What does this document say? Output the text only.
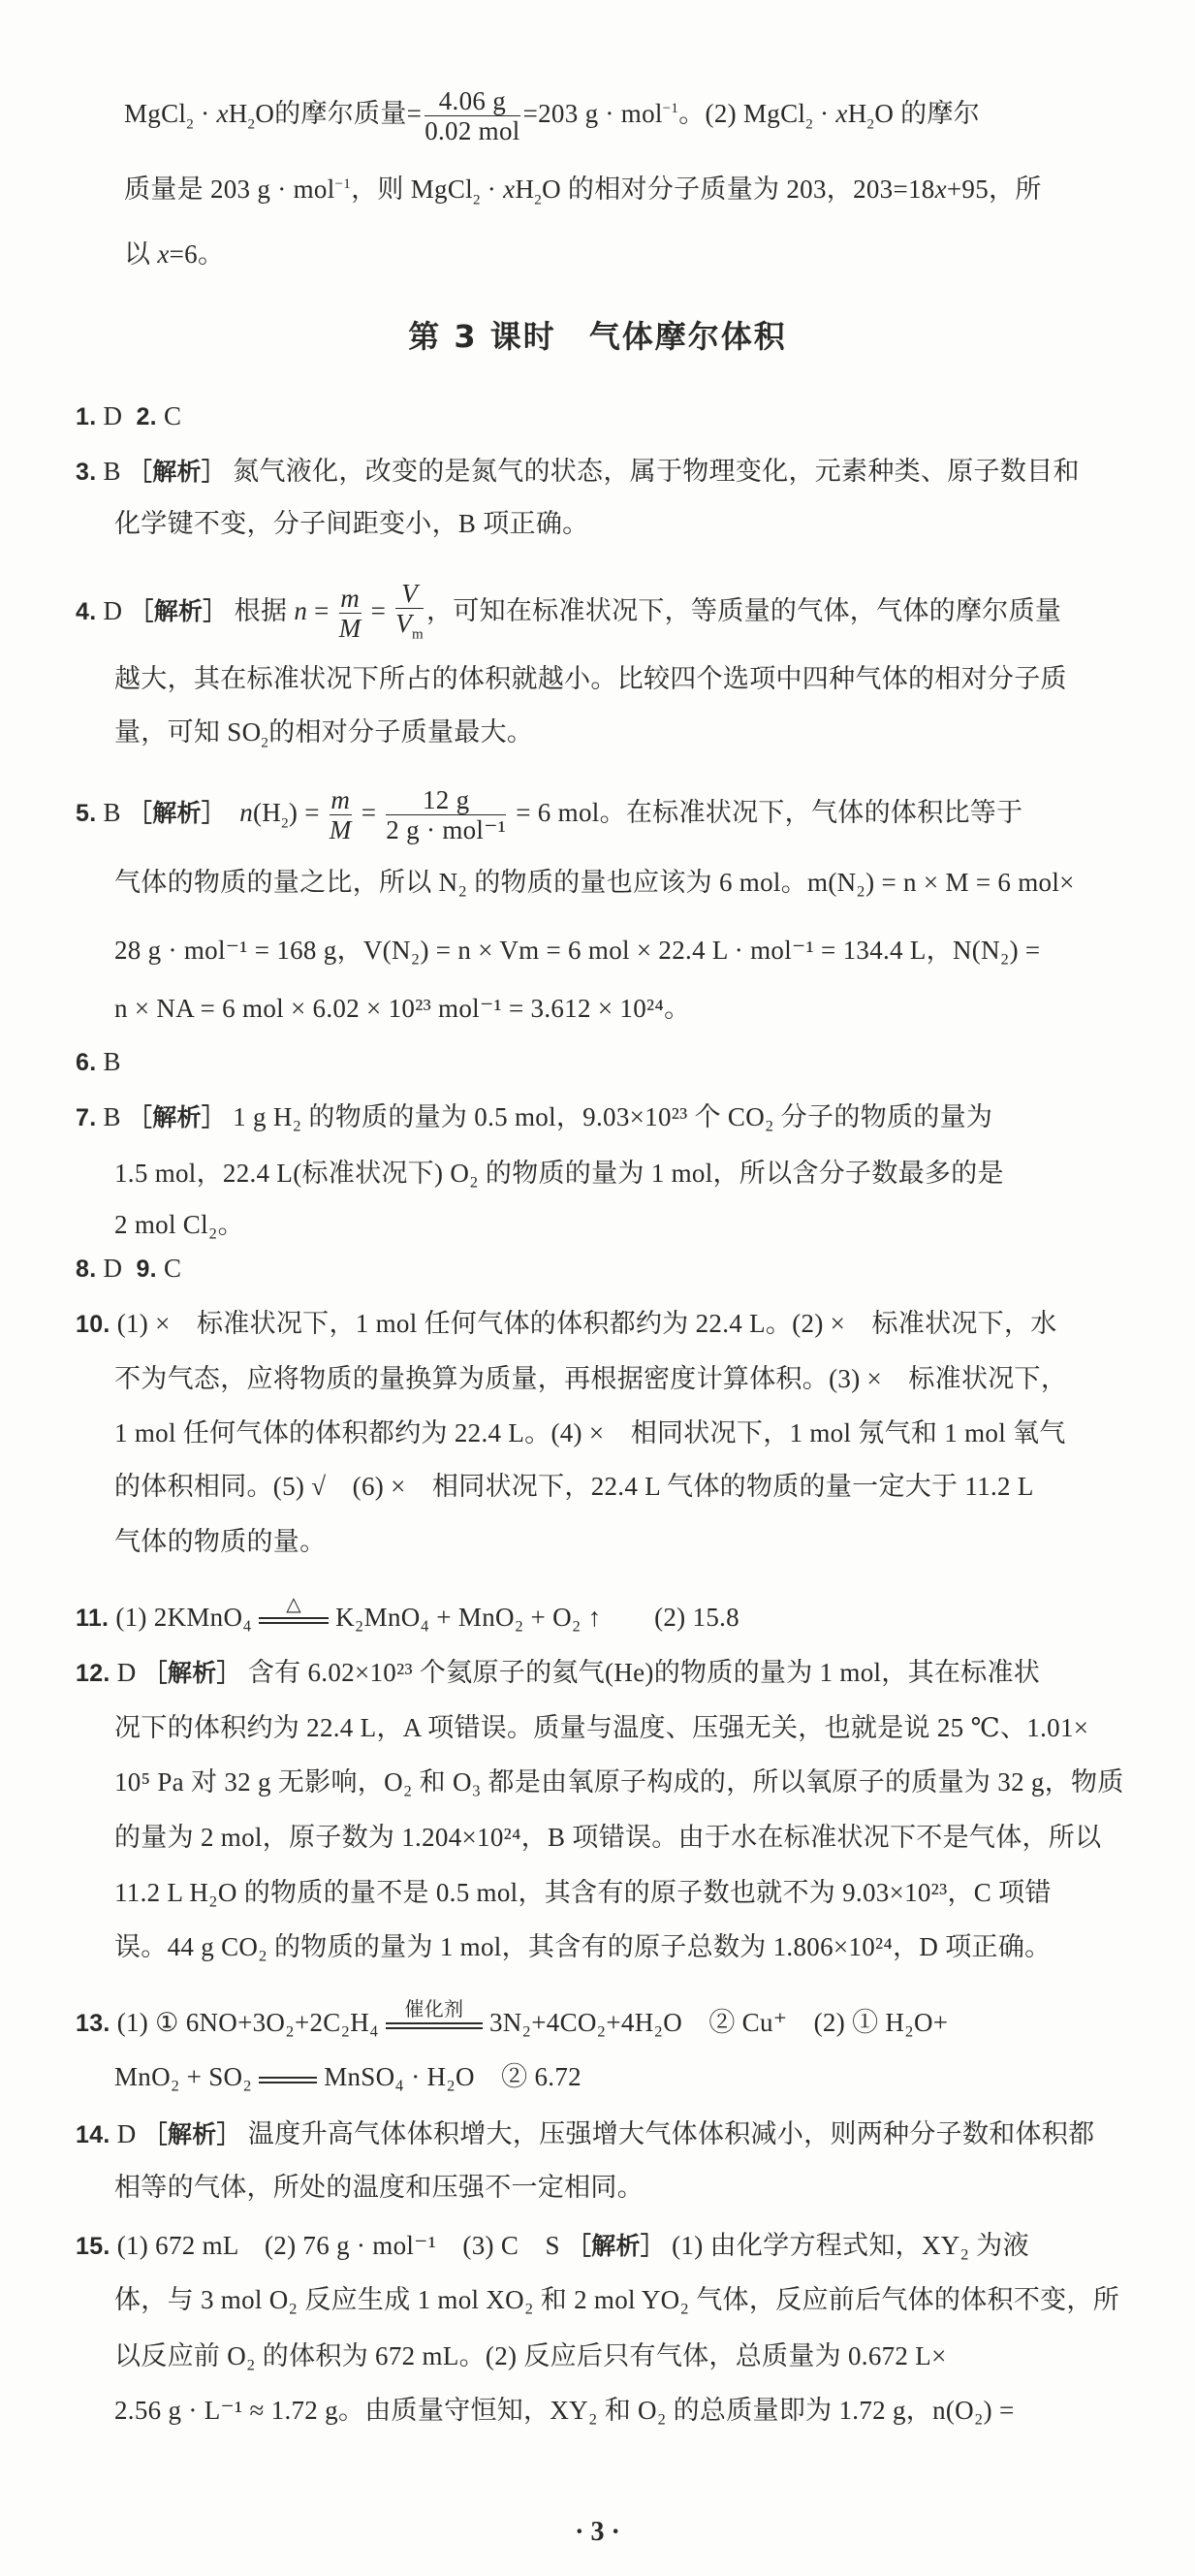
MgCl$_2$ · $xH_2O$的摩尔质量= $\frac{4.06 g}{\text{0.02 mol}} =203$ g · mol$^{-1}$。(2) MgCl$_2$ · $xH_2O$ 的摩尔
质量是 203 g · mol$^{-1}$，则 MgCl$_2$ · $xH_2O$ 的相对分子质量为 203，203=18x+95，所
以 x=6。
第 3 课时　气体摩尔体积
1. D 2. C
3. B ［解析］ 氮气液化，改变的是氮气的状态，属于物理变化，元素种类、原子数目和
化学键不变，分子间距变小，B 项正确。
4. D ［解析］ 根据 $n = \frac{m}{M} = \frac{V}{V_m}$ ，可知在标准状况下，等质量的气体，气体的摩尔质量
越大，其在标准状况下所占的体积就越小。比较四个选项中四种气体的相对分子质
量，可知 $SO_2$的相对分子质量最大。
5. B ［解析］ $n(H_2) = \frac{m}{M} = \frac{12 g}{\text{2 g · mol⁻¹}} = 6$ mol。在标准状况下，气体的体积比等于
气体的物质的量之比，所以 N₂ 的物质的量也应该为 6 mol。m(N₂) = n × M = 6 mol×
28 g · mol⁻¹ = 168 g，V(N₂) = n × Vm = 6 mol × 22.4 L · mol⁻¹ = 134.4 L，N(N₂) =
n × NA = 6 mol × 6.02 × 10²³ mol⁻¹ = 3.612 × 10²⁴。
6. B
7. B ［解析］ 1 g H₂ 的物质的量为 0.5 mol，9.03×10²³ 个 CO₂ 分子的物质的量为
1.5 mol，22.4 L(标准状况下) O₂ 的物质的量为 1 mol，所以含分子数最多的是
2 mol Cl₂。
8. D 9. C
10. (1) ×　标准状况下，1 mol 任何气体的体积都约为 22.4 L。(2) ×　标准状况下，水
不为气态，应将物质的量换算为质量，再根据密度计算体积。(3) ×　标准状况下，
1 mol 任何气体的体积都约为 22.4 L。(4) ×　相同状况下，1 mol 氖气和 1 mol 氧气
的体积相同。(5) √　(6) ×　相同状况下，22.4 L 气体的物质的量一定大于 11.2 L
气体的物质的量。
11. (1) 2KMnO₄	△	K₂MnO₄ + MnO₂ + O₂ ↑　　(2) 15.8
12. D ［解析］ 含有 6.02×10²³ 个氦原子的氦气(He)的物质的量为 1 mol，其在标准状
况下的体积约为 22.4 L，A 项错误。质量与温度、压强无关，也就是说 25 ℃、1.01×
10⁵ Pa 对 32 g 无影响，O₂ 和 O₃ 都是由氧原子构成的，所以氧原子的质量为 32 g，物质
的量为 2 mol，原子数为 1.204×10²⁴，B 项错误。由于水在标准状况下不是气体，所以
11.2 L H₂O 的物质的量不是 0.5 mol，其含有的原子数也就不为 9.03×10²³，C 项错
误。44 g CO₂ 的物质的量为 1 mol，其含有的原子总数为 1.806×10²⁴，D 项正确。
13. (1) ① 6NO+3O₂+2C₂H₄	催化剂 3N₂+4CO₂+4H₂O　② Cu⁺　(2) ① H₂O+
MnO₂ + SO₂	MnSO₄ · H₂O　② 6.72
14. D ［解析］ 温度升高气体体积增大，压强增大气体体积减小，则两种分子数和体积都
相等的气体，所处的温度和压强不一定相同。
15. (1) 672 mL　(2) 76 g · mol⁻¹　(3) C　S ［解析］ (1) 由化学方程式知，XY₂ 为液
体，与 3 mol O₂ 反应生成 1 mol XO₂ 和 2 mol YO₂ 气体，反应前后气体的体积不变，所
以反应前 O₂ 的体积为 672 mL。(2) 反应后只有气体，总质量为 0.672 L×
2.56 g · L⁻¹ ≈ 1.72 g。由质量守恒知，XY₂ 和 O₂ 的总质量即为 1.72 g，n(O₂) =
· 3 ·
